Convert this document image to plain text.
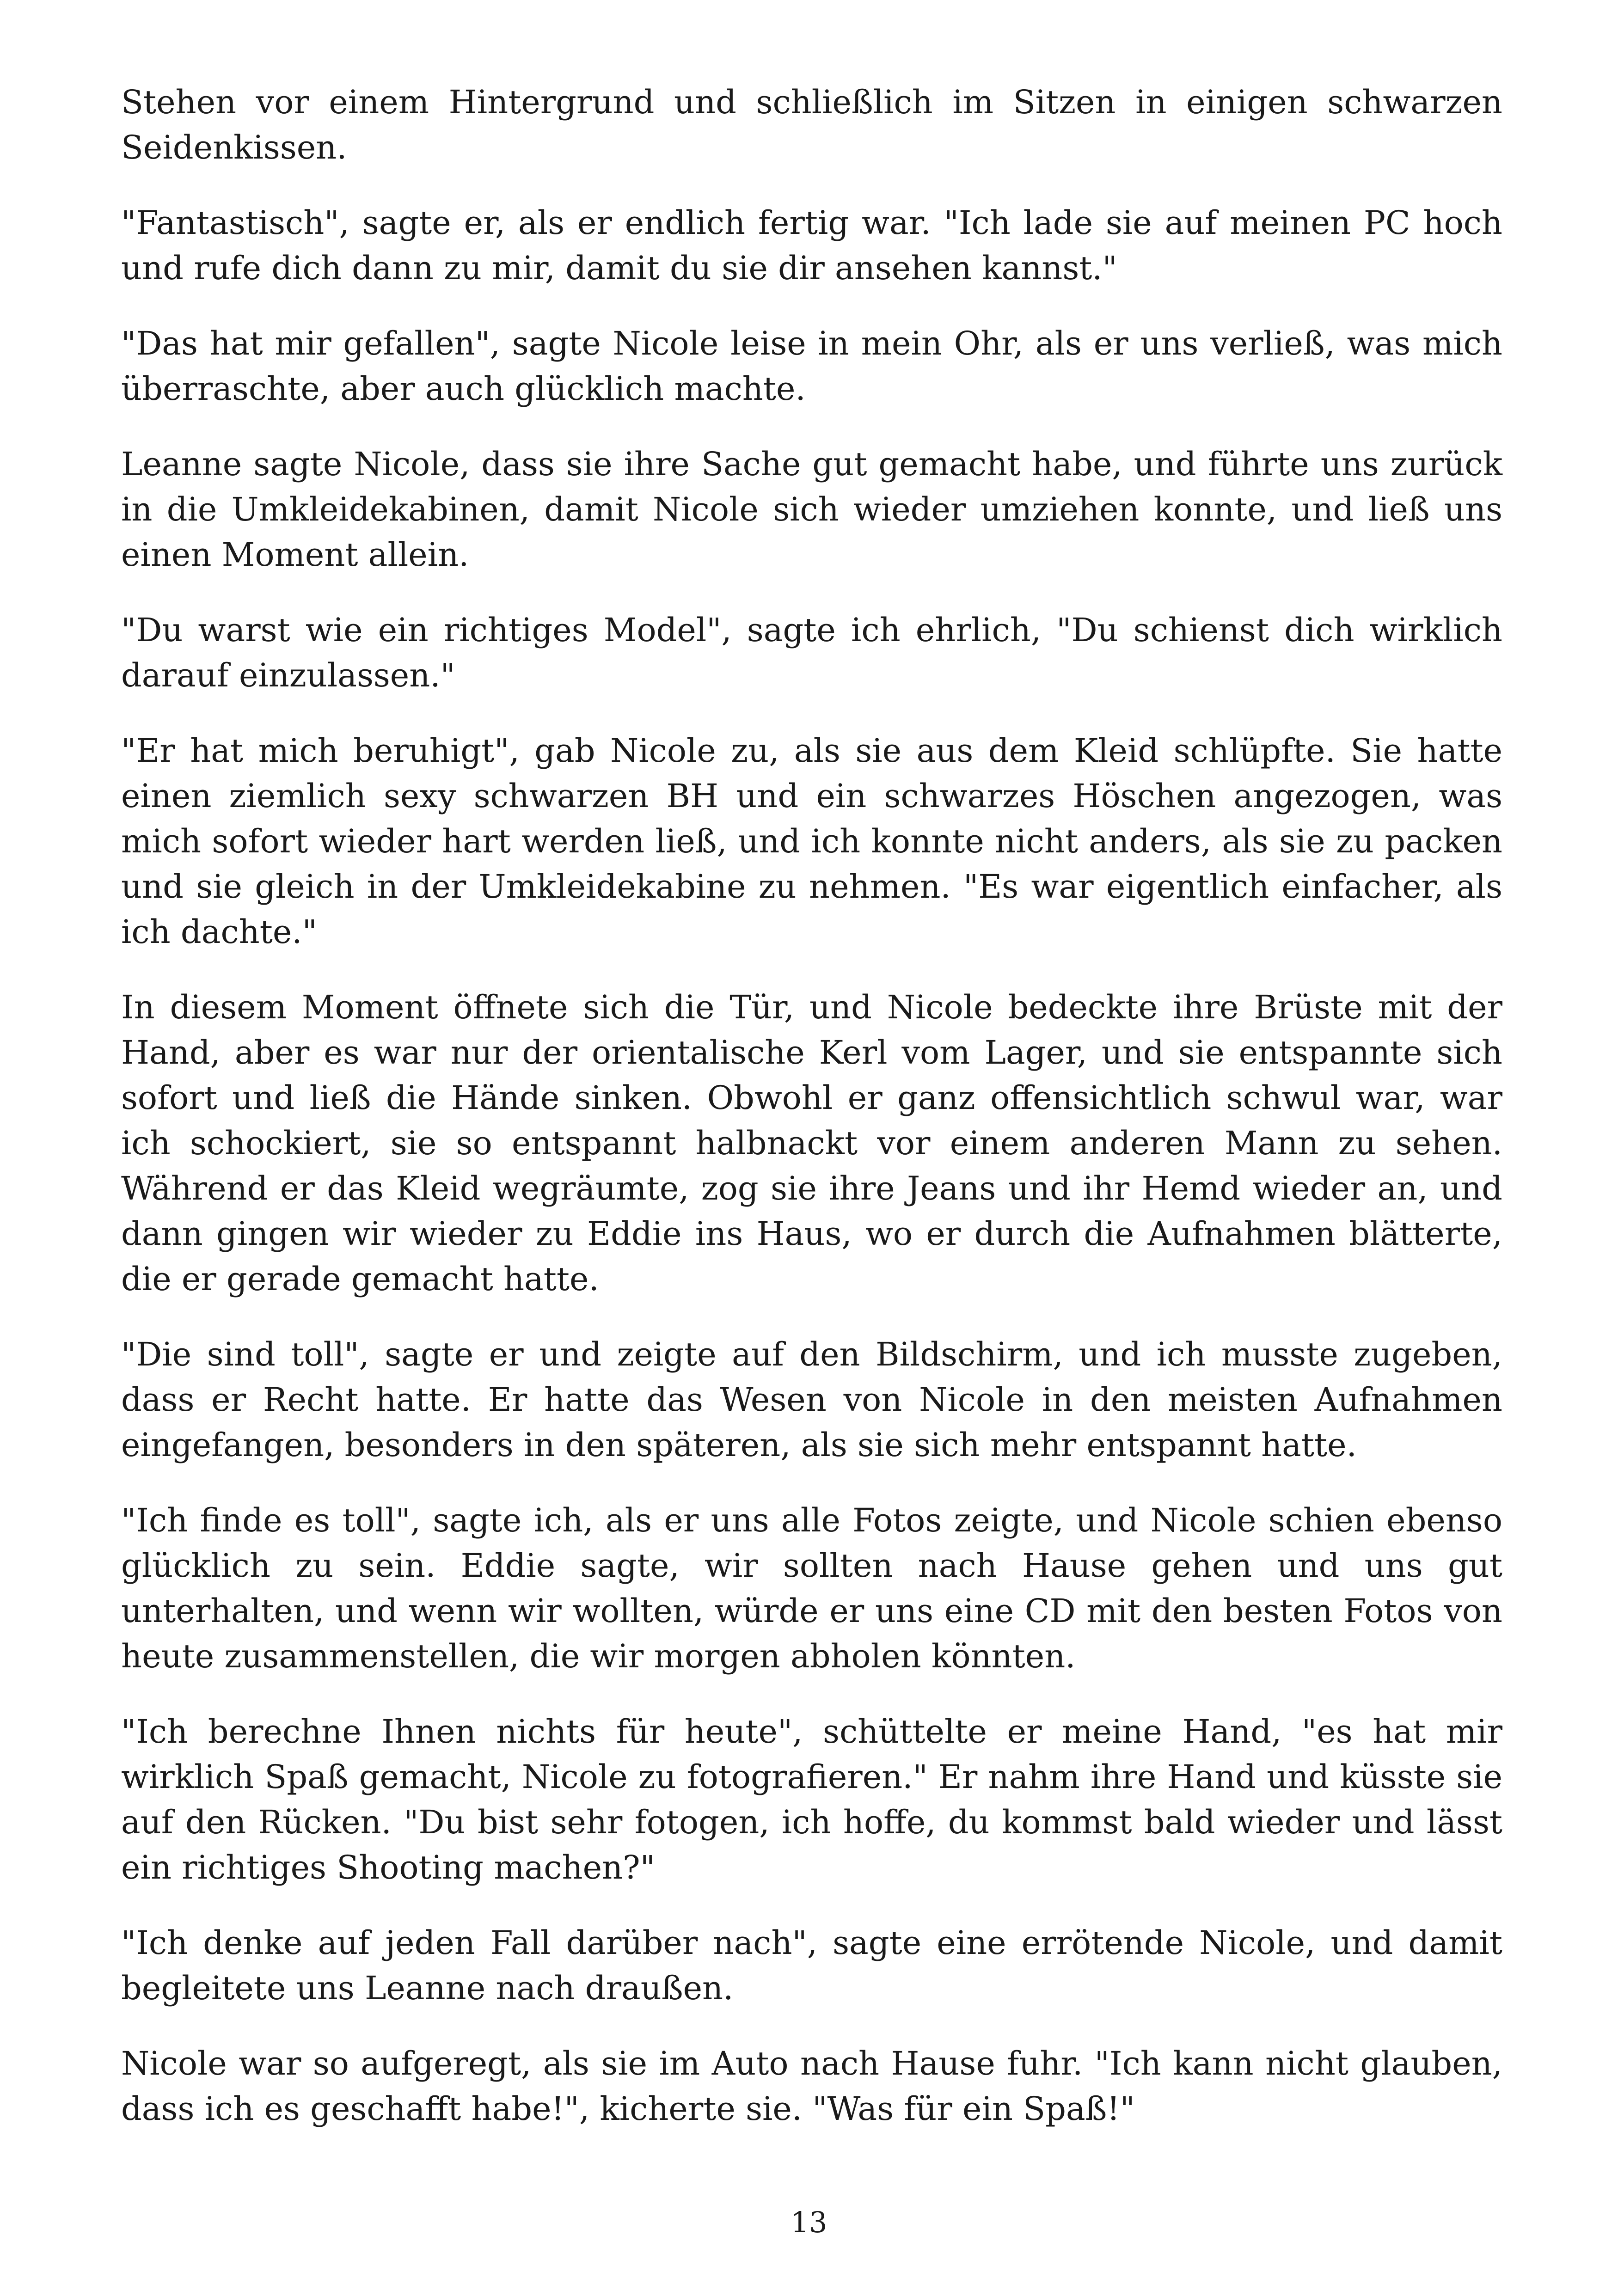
Stehen vor einem Hintergrund und schließlich im Sitzen in einigen schwarzen Seidenkissen.

"Fantastisch", sagte er, als er endlich fertig war. "Ich lade sie auf meinen PC hoch und rufe dich dann zu mir, damit du sie dir ansehen kannst."

"Das hat mir gefallen", sagte Nicole leise in mein Ohr, als er uns verließ, was mich überraschte, aber auch glücklich machte.

Leanne sagte Nicole, dass sie ihre Sache gut gemacht habe, und führte uns zurück in die Umkleidekabinen, damit Nicole sich wieder umziehen konnte, und ließ uns einen Moment allein.

"Du warst wie ein richtiges Model", sagte ich ehrlich, "Du schienst dich wirklich darauf einzulassen."

"Er hat mich beruhigt", gab Nicole zu, als sie aus dem Kleid schlüpfte. Sie hatte einen ziemlich sexy schwarzen BH und ein schwarzes Höschen angezogen, was mich sofort wieder hart werden ließ, und ich konnte nicht anders, als sie zu packen und sie gleich in der Umkleidekabine zu nehmen. "Es war eigentlich einfacher, als ich dachte."

In diesem Moment öffnete sich die Tür, und Nicole bedeckte ihre Brüste mit der Hand, aber es war nur der orientalische Kerl vom Lager, und sie entspannte sich sofort und ließ die Hände sinken. Obwohl er ganz offensichtlich schwul war, war ich schockiert, sie so entspannt halbnackt vor einem anderen Mann zu sehen. Während er das Kleid wegräumte, zog sie ihre Jeans und ihr Hemd wieder an, und dann gingen wir wieder zu Eddie ins Haus, wo er durch die Aufnahmen blätterte, die er gerade gemacht hatte.

"Die sind toll", sagte er und zeigte auf den Bildschirm, und ich musste zugeben, dass er Recht hatte. Er hatte das Wesen von Nicole in den meisten Aufnahmen eingefangen, besonders in den späteren, als sie sich mehr entspannt hatte.

"Ich finde es toll", sagte ich, als er uns alle Fotos zeigte, und Nicole schien ebenso glücklich zu sein. Eddie sagte, wir sollten nach Hause gehen und uns gut unterhalten, und wenn wir wollten, würde er uns eine CD mit den besten Fotos von heute zusammenstellen, die wir morgen abholen könnten.

"Ich berechne Ihnen nichts für heute", schüttelte er meine Hand, "es hat mir wirklich Spaß gemacht, Nicole zu fotografieren." Er nahm ihre Hand und küsste sie auf den Rücken. "Du bist sehr fotogen, ich hoffe, du kommst bald wieder und lässt ein richtiges Shooting machen?"

"Ich denke auf jeden Fall darüber nach", sagte eine errötende Nicole, und damit begleitete uns Leanne nach draußen.

Nicole war so aufgeregt, als sie im Auto nach Hause fuhr. "Ich kann nicht glauben, dass ich es geschafft habe!", kicherte sie. "Was für ein Spaß!"

13
